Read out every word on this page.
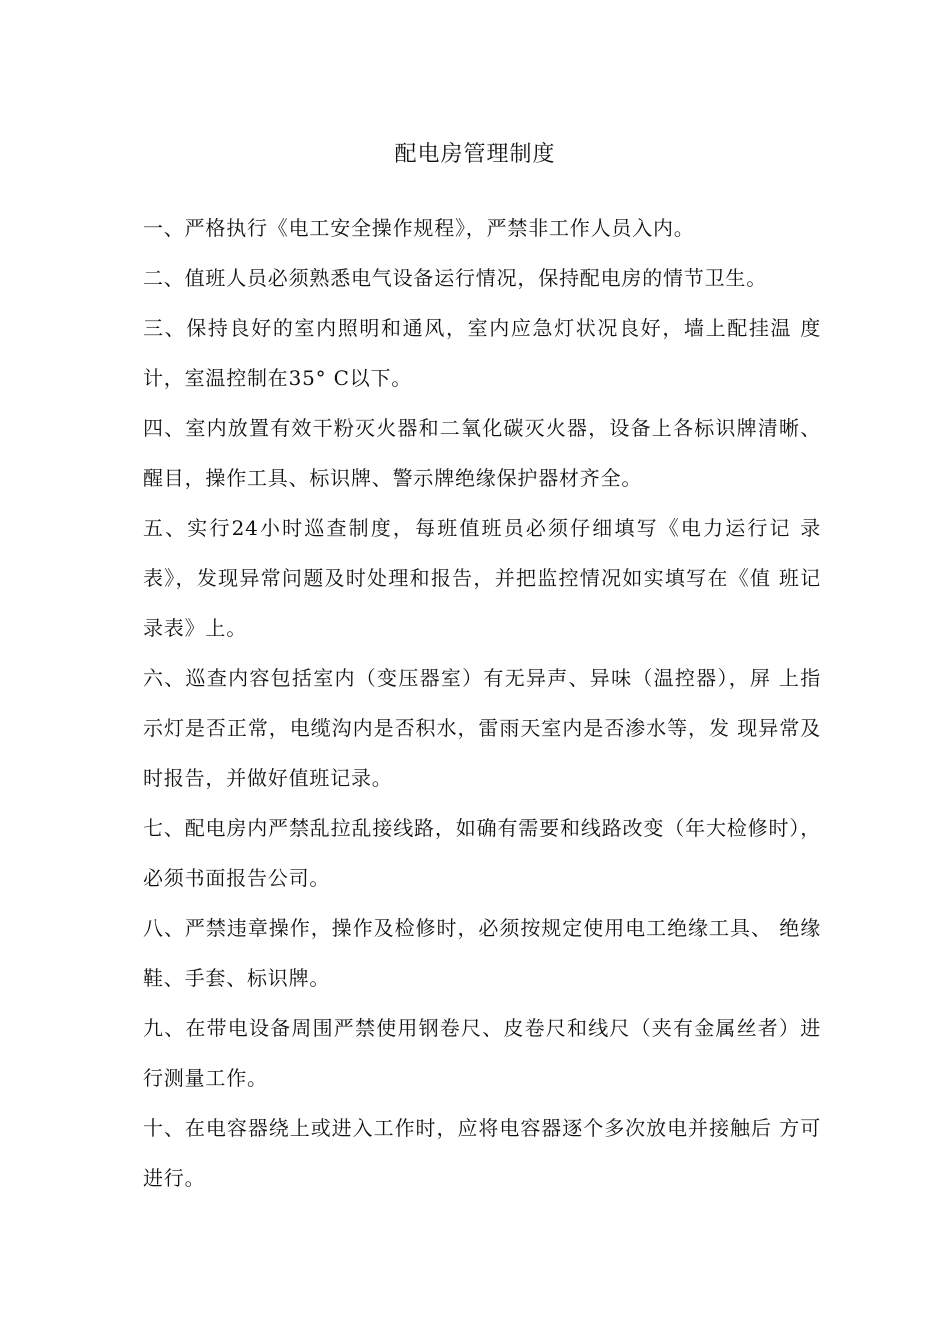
配电房管理制度

一、严格执行《电工安全操作规程》，严禁非工作人员入内。

二、值班人员必须熟悉电气设备运行情况，保持配电房的情节卫生。

三、保持良好的室内照明和通风，室内应急灯状况良好，墙上配挂温 度计，室温控制在35° C以下。

四、室内放置有效干粉灭火器和二氧化碳灭火器，设备上各标识牌清晰、醒目，操作工具、标识牌、警示牌绝缘保护器材齐全。

五、实行24小时巡查制度，每班值班员必须仔细填写《电力运行记 录表》，发现异常问题及时处理和报告，并把监控情况如实填写在《值 班记录表》上。

六、巡查内容包括室内（变压器室）有无异声、异味（温控器），屏 上指示灯是否正常，电缆沟内是否积水，雷雨天室内是否渗水等，发 现异常及时报告，并做好值班记录。

七、配电房内严禁乱拉乱接线路，如确有需要和线路改变（年大检修时），必须书面报告公司。

八、严禁违章操作，操作及检修时，必须按规定使用电工绝缘工具、 绝缘鞋、手套、标识牌。

九、在带电设备周围严禁使用钢卷尺、皮卷尺和线尺（夹有金属丝者）进行测量工作。

十、在电容器绕上或进入工作时，应将电容器逐个多次放电并接触后 方可进行。
